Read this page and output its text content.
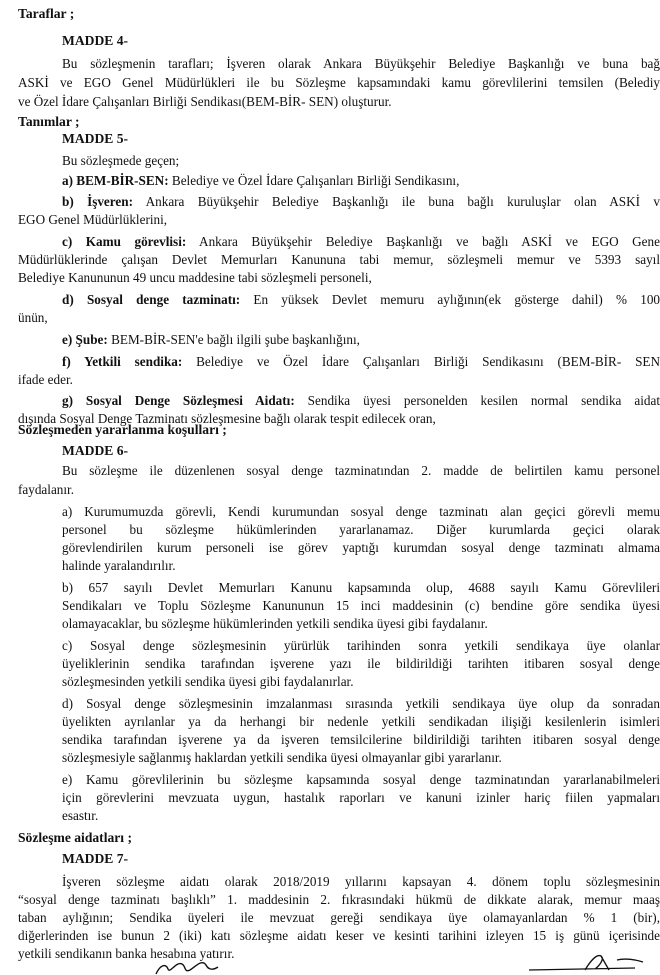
Taraflar ;
MADDE 4-
Bu sözleşmenin tarafları; İşveren olarak Ankara Büyükşehir Belediye Başkanlığı ve buna bağ
ASKİ ve EGO Genel Müdürlükleri ile bu Sözleşme kapsamındaki kamu görevlilerini temsilen (Belediy
ve Özel İdare Çalışanları Birliği Sendikası(BEM-BİR- SEN) oluşturur.
Tanımlar ;
MADDE 5-
Bu sözleşmede geçen;
a) BEM-BİR-SEN: Belediye ve Özel İdare Çalışanları Birliği Sendikasını,
b) İşveren: Ankara Büyükşehir Belediye Başkanlığı ile buna bağlı kuruluşlar olan ASKİ v
EGO Genel Müdürlüklerini,
c) Kamu görevlisi: Ankara Büyükşehir Belediye Başkanlığı ve bağlı ASKİ ve EGO Gene
Müdürlüklerinde çalışan Devlet Memurları Kanununa tabi memur, sözleşmeli memur ve 5393 sayıl
Belediye Kanununun 49 uncu maddesine tabi sözleşmeli personeli,
d) Sosyal denge tazminatı: En yüksek Devlet memuru aylığının(ek gösterge dahil) % 100
ünün,
e) Şube: BEM-BİR-SEN'e bağlı ilgili şube başkanlığını,
f) Yetkili sendika: Belediye ve Özel İdare Çalışanları Birliği Sendikasını (BEM-BİR- SEN
ifade eder.
g) Sosyal Denge Sözleşmesi Aidatı: Sendika üyesi personelden kesilen normal sendika aidat
dışında Sosyal Denge Tazminatı sözleşmesine bağlı olarak tespit edilecek oran,
Sözleşmeden yararlanma koşulları ;
MADDE 6-
Bu sözleşme ile düzenlenen sosyal denge tazminatından 2. madde de belirtilen kamu personel
faydalanır.
a) Kurumumuzda görevli, Kendi kurumundan sosyal denge tazminatı alan geçici görevli memu
personel bu sözleşme hükümlerinden yararlanamaz. Diğer kurumlarda geçici olarak
görevlendirilen kurum personeli ise görev yaptığı kurumdan sosyal denge tazminatı almama
halinde yaralandırılır.
b) 657 sayılı Devlet Memurları Kanunu kapsamında olup, 4688 sayılı Kamu Görevlileri
Sendikaları ve Toplu Sözleşme Kanununun 15 inci maddesinin (c) bendine göre sendika üyesi
olamayacaklar, bu sözleşme hükümlerinden yetkili sendika üyesi gibi faydalanır.
c) Sosyal denge sözleşmesinin yürürlük tarihinden sonra yetkili sendikaya üye olanlar
üyeliklerinin sendika tarafından işverene yazı ile bildirildiği tarihten itibaren sosyal denge
sözleşmesinden yetkili sendika üyesi gibi faydalanırlar.
d) Sosyal denge sözleşmesinin imzalanması sırasında yetkili sendikaya üye olup da sonradan
üyelikten ayrılanlar ya da herhangi bir nedenle yetkili sendikadan ilişiği kesilenlerin isimleri
sendika tarafından işverene ya da işveren temsilcilerine bildirildiği tarihten itibaren sosyal denge
sözleşmesiyle sağlanmış haklardan yetkili sendika üyesi olmayanlar gibi yararlanır.
e) Kamu görevlilerinin bu sözleşme kapsamında sosyal denge tazminatından yararlanabilmeleri
için görevlerini mevzuata uygun, hastalık raporları ve kanuni izinler hariç fiilen yapmaları
esastır.
Sözleşme aidatları ;
MADDE 7-
İşveren sözleşme aidatı olarak 2018/2019 yıllarını kapsayan 4. dönem toplu sözleşmesinin
“sosyal denge tazminatı başlıklı” 1. maddesinin 2. fıkrasındaki hükmü de dikkate alarak, memur maaş
taban aylığının; Sendika üyeleri ile mevzuat gereği sendikaya üye olamayanlardan % 1 (bir),
diğerlerinden ise bunun 2 (iki) katı sözleşme aidatı keser ve kesinti tarihini izleyen 15 iş günü içerisinde
yetkili sendikanın banka hesabına yatırır.
